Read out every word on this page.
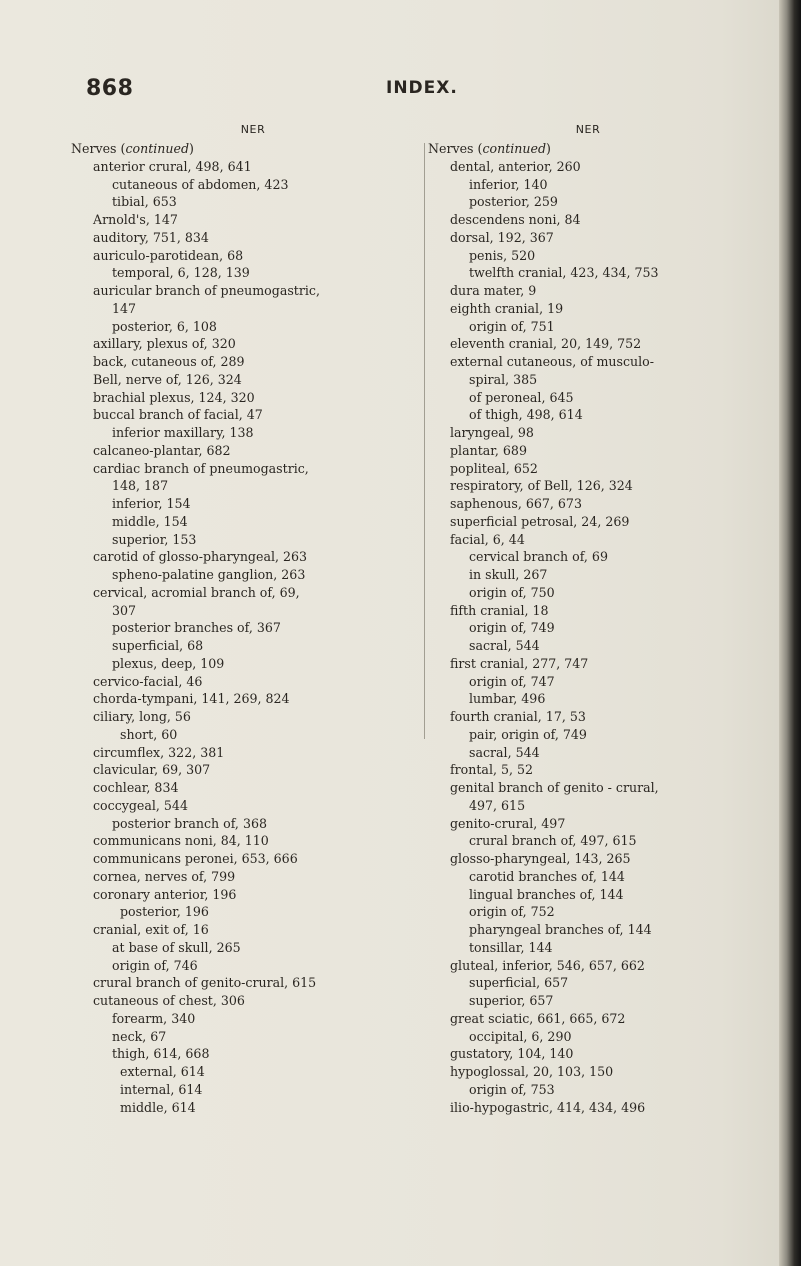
868	INDEX.
NER
Nerves (continued)
anterior crural, 498, 641
cutaneous of abdomen, 423
tibial, 653
Arnold's, 147
auditory, 751, 834
auriculo-parotidean, 68
temporal, 6, 128, 139
auricular branch of pneumogastric,
147
posterior, 6, 108
axillary, plexus of, 320
back, cutaneous of, 289
Bell, nerve of, 126, 324
brachial plexus, 124, 320
buccal branch of facial, 47
inferior maxillary, 138
calcaneo-plantar, 682
cardiac branch of pneumogastric,
148, 187
inferior, 154
middle, 154
superior, 153
carotid of glosso-pharyngeal, 263
spheno-palatine ganglion, 263
cervical, acromial branch of, 69,
307
posterior branches of, 367
superficial, 68
plexus, deep, 109
cervico-facial, 46
chorda-tympani, 141, 269, 824
ciliary, long, 56
short, 60
circumflex, 322, 381
clavicular, 69, 307
cochlear, 834
coccygeal, 544
posterior branch of, 368
communicans noni, 84, 110
communicans peronei, 653, 666
cornea, nerves of, 799
coronary anterior, 196
posterior, 196
cranial, exit of, 16
at base of skull, 265
origin of, 746
crural branch of genito-crural, 615
cutaneous of chest, 306
forearm, 340
neck, 67
thigh, 614, 668
external, 614
internal, 614
middle, 614
NER
Nerves (continued)
dental, anterior, 260
inferior, 140
posterior, 259
descendens noni, 84
dorsal, 192, 367
penis, 520
twelfth cranial, 423, 434, 753
dura mater, 9
eighth cranial, 19
origin of, 751
eleventh cranial, 20, 149, 752
external cutaneous, of musculo-
spiral, 385
of peroneal, 645
of thigh, 498, 614
laryngeal, 98
plantar, 689
popliteal, 652
respiratory, of Bell, 126, 324
saphenous, 667, 673
superficial petrosal, 24, 269
facial, 6, 44
cervical branch of, 69
in skull, 267
origin of, 750
fifth cranial, 18
origin of, 749
sacral, 544
first cranial, 277, 747
origin of, 747
lumbar, 496
fourth cranial, 17, 53
pair, origin of, 749
sacral, 544
frontal, 5, 52
genital branch of genito - crural,
497, 615
genito-crural, 497
crural branch of, 497, 615
glosso-pharyngeal, 143, 265
carotid branches of, 144
lingual branches of, 144
origin of, 752
pharyngeal branches of, 144
tonsillar, 144
gluteal, inferior, 546, 657, 662
superficial, 657
superior, 657
great sciatic, 661, 665, 672
occipital, 6, 290
gustatory, 104, 140
hypoglossal, 20, 103, 150
origin of, 753
ilio-hypogastric, 414, 434, 496
